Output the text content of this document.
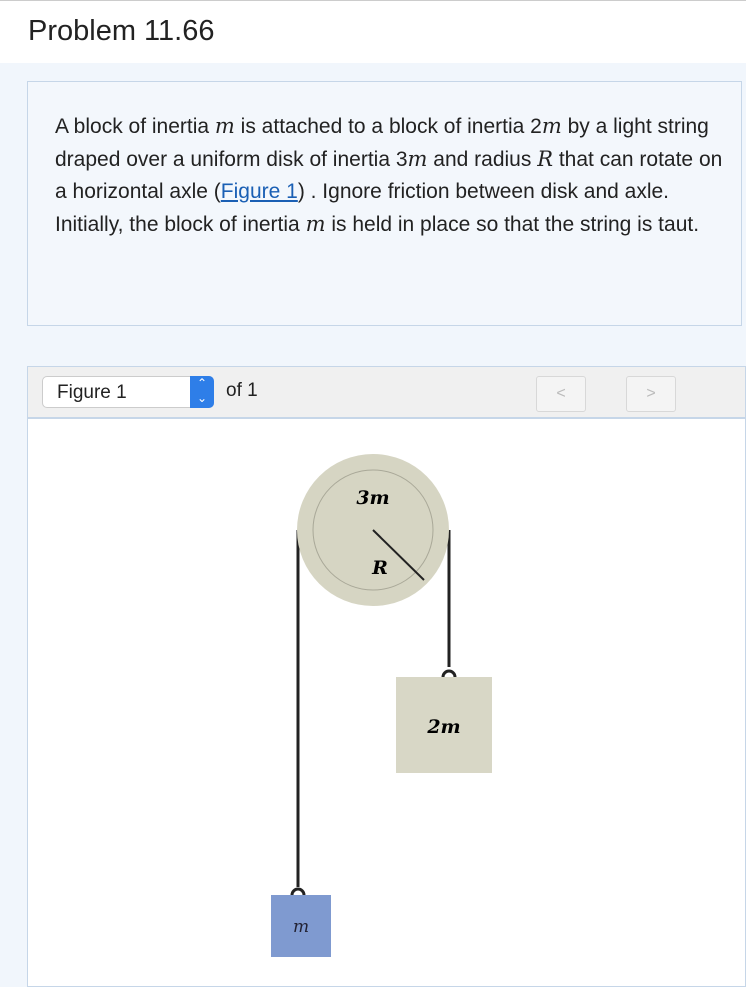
Problem 11.66
A block of inertia m is attached to a block of inertia 2m by a light string draped over a uniform disk of inertia 3m and radius R that can rotate on a horizontal axle (Figure 1) . Ignore friction between disk and axle. Initially, the block of inertia m is held in place so that the string is taut.
Figure 1	⌃
⌄ of 1	<	>
3m
R
2m
m
